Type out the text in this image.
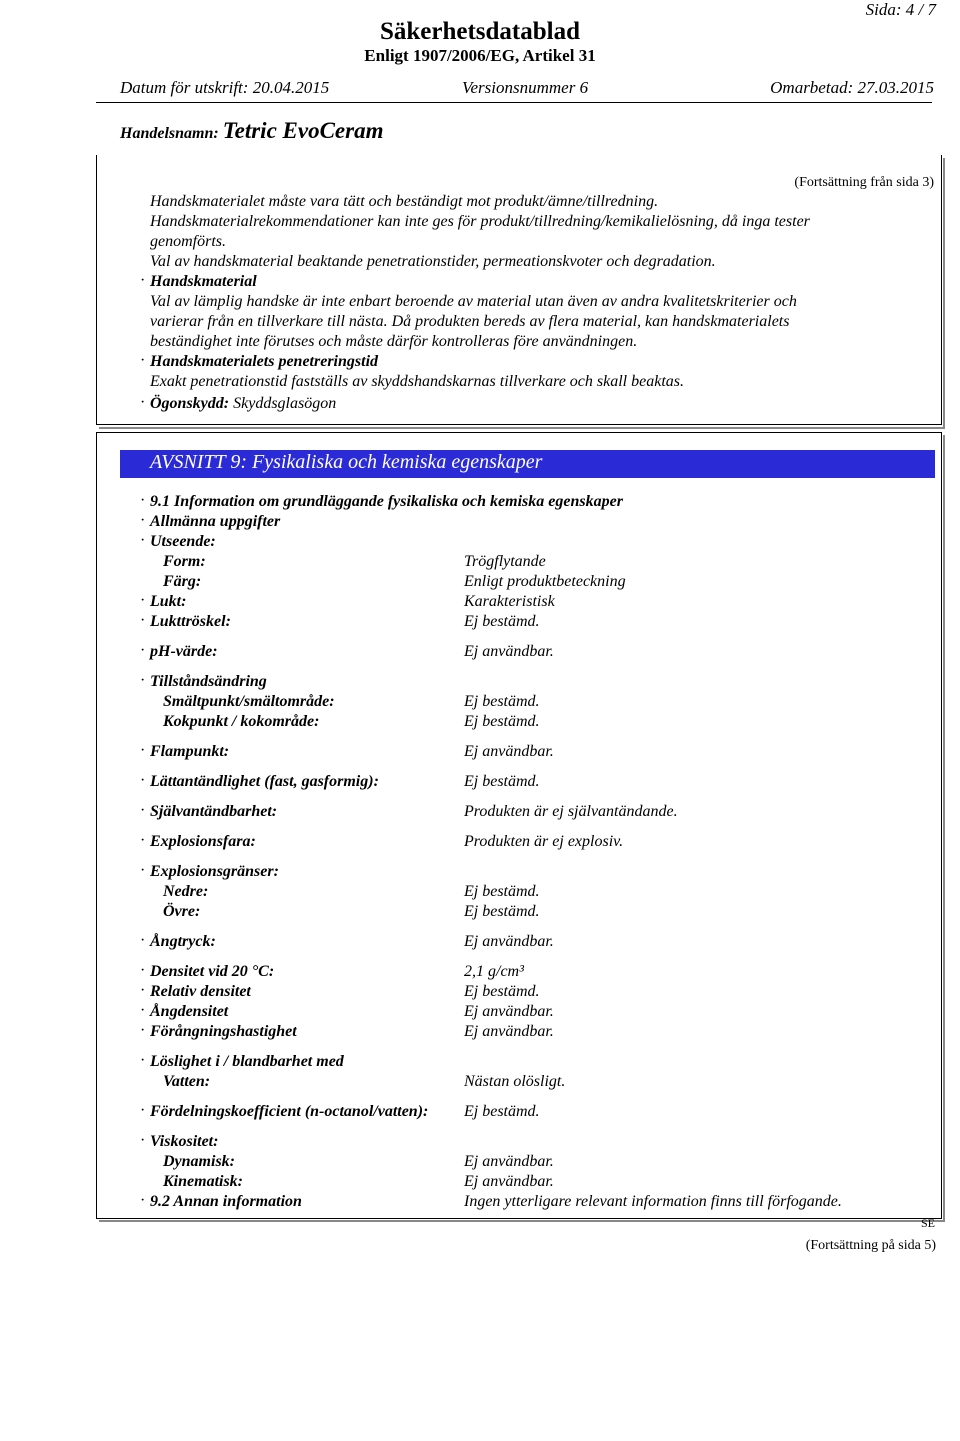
Sida: 4 / 7
Säkerhetsdatablad
Enligt 1907/2006/EG, Artikel 31
Datum för utskrift: 20.04.2015	Versionsnummer 6	Omarbetad: 27.03.2015
Handelsnamn: Tetric EvoCeram
(Fortsättning från sida 3)
Handskmaterialet måste vara tätt och beständigt mot produkt/ämne/tillredning.
Handskmaterialrekommendationer kan inte ges för produkt/tillredning/kemikalielösning, då inga tester
genomförts.
Val av handskmaterial beaktande penetrationstider, permeationskvoter och degradation.
· Handskmaterial
Val av lämplig handske är inte enbart beroende av material utan även av andra kvalitetskriterier och
varierar från en tillverkare till nästa. Då produkten bereds av flera material, kan handskmaterialets
beständighet inte förutses och måste därför kontrolleras före användningen.
· Handskmaterialets penetreringstid
Exakt penetrationstid fastställs av skyddshandskarnas tillverkare och skall beaktas.
· Ögonskydd: Skyddsglasögon
AVSNITT 9: Fysikaliska och kemiska egenskaper
· 9.1 Information om grundläggande fysikaliska och kemiska egenskaper
· Allmänna uppgifter
· Utseende:
Form:	Trögflytande
Färg:	Enligt produktbeteckning
· Lukt:	Karakteristisk
· Lukttröskel:	Ej bestämd.
· pH-värde:	Ej användbar.
· Tillståndsändring
Smältpunkt/smältområde:	Ej bestämd.
Kokpunkt / kokområde:	Ej bestämd.
· Flampunkt:	Ej användbar.
· Lättantändlighet (fast, gasformig):	Ej bestämd.
· Självantändbarhet:	Produkten är ej självantändande.
· Explosionsfara:	Produkten är ej explosiv.
· Explosionsgränser:
Nedre:	Ej bestämd.
Övre:	Ej bestämd.
· Ångtryck:	Ej användbar.
· Densitet vid 20 °C:	2,1 g/cm³
· Relativ densitet	Ej bestämd.
· Ångdensitet	Ej användbar.
· Förångningshastighet	Ej användbar.
· Löslighet i / blandbarhet med
Vatten:	Nästan olösligt.
· Fördelningskoefficient (n-octanol/vatten): Ej bestämd.
· Viskositet:
Dynamisk:	Ej användbar.
Kinematisk:	Ej användbar.
· 9.2 Annan information	Ingen ytterligare relevant information finns till förfogande.
SE
(Fortsättning på sida 5)
